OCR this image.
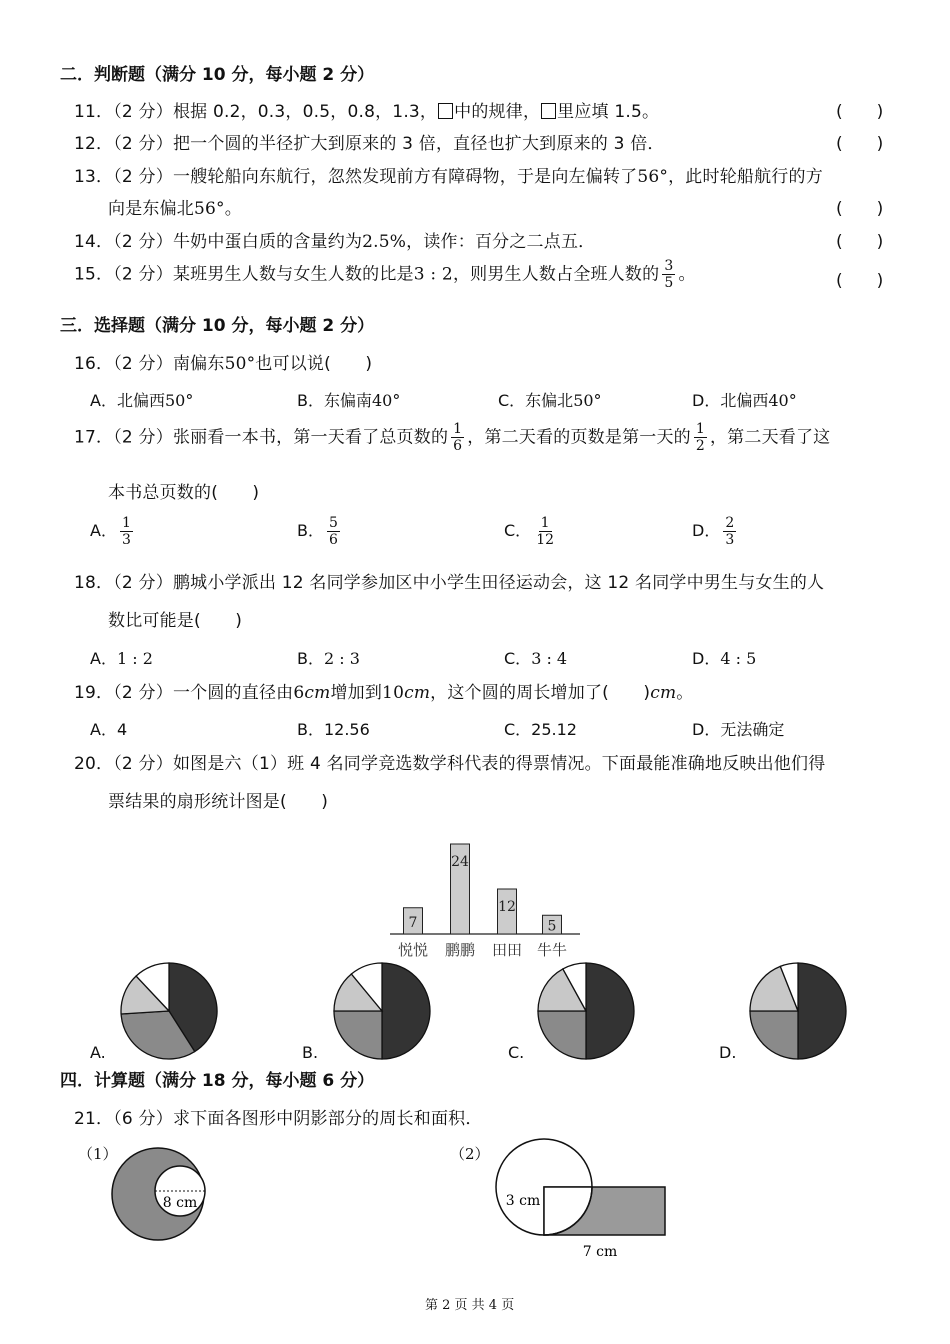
二．判断题（满分 10 分，每小题 2 分）
11．（2 分）根据 0.2，0.3，0.5，0.8，1.3， 中的规律， 里应填 1.5。	(　　)
12．（2 分）把一个圆的半径扩大到原来的 3 倍，直径也扩大到原来的 3 倍．	(　　)
13．（2 分）一艘轮船向东航行，忽然发现前方有障碍物，于是向左偏转了56°，此时轮船航行的方
向是东偏北56°。	(　　)
14．（2 分）牛奶中蛋白质的含量约为2.5%，读作：百分之二点五．	(　　)
15．（2 分）某班男生人数与女生人数的比是3 : 2，则男生人数占全班人数的 $\frac{3}{5}$ 。	(　　)
三．选择题（满分 10 分，每小题 2 分）
16．（2 分）南偏东50°也可以说(　　)
A．北偏西50°	B．东偏南40°	C．东偏北50°	D．北偏西40°
17．（2 分）张丽看一本书，第一天看了总页数的 $\frac{1}{6}$ ，第二天看的页数是第一天的 $\frac{1}{2}$ ，第二天看了这
本书总页数的(　　)
A． $\frac{1}{3}$	B． $\frac{5}{6}$	C． $\frac{1}{12}$	D． $\frac{2}{3}$
18．（2 分）鹏城小学派出 12 名同学参加区中小学生田径运动会，这 12 名同学中男生与女生的人
数比可能是(　　)
A．1 : 2	B．2 : 3	C．3 : 4	D．4 : 5
19．（2 分）一个圆的直径由6cm增加到10cm，这个圆的周长增加了(　　)cm。
A．4	B．12.56	C．25.12	D．无法确定
20．（2 分）如图是六（1）班 4 名同学竞选数学科代表的得票情况。下面最能准确地反映出他们得
票结果的扇形统计图是(　　)
7
悦悦
24
鹏鹏
12
田田
5
牛牛
A.	B.	C.	D.
四．计算题（满分 18 分，每小题 6 分）
21．（6 分）求下面各图形中阴影部分的周长和面积．
（1）
8 cm
（2）
3 cm
7 cm
第 2 页 共 4 页
